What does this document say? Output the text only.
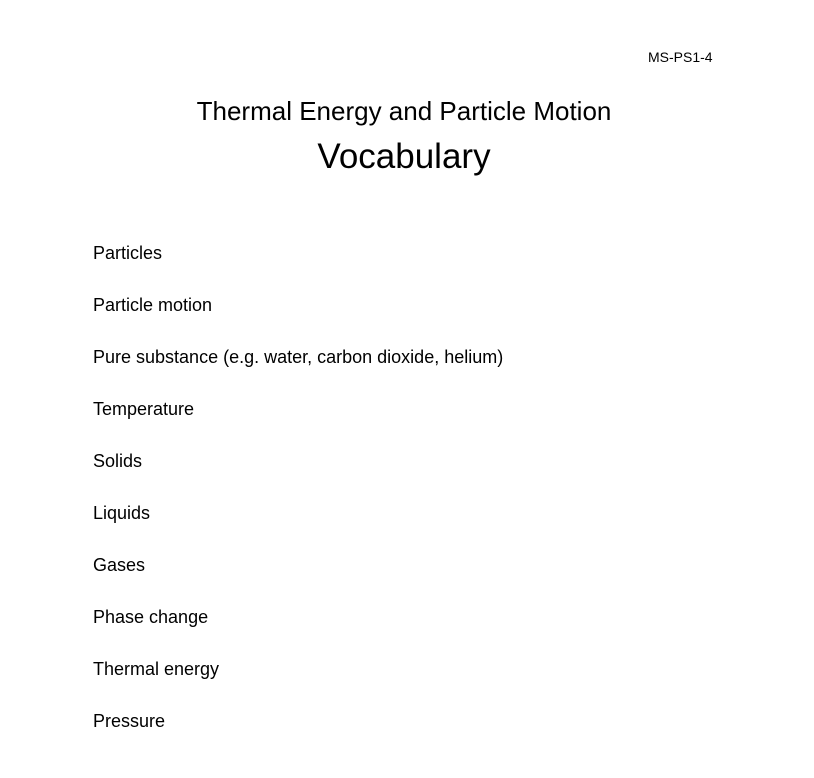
MS-PS1-4
Thermal Energy and Particle Motion
Vocabulary
Particles
Particle motion
Pure substance (e.g. water, carbon dioxide, helium)
Temperature
Solids
Liquids
Gases
Phase change
Thermal energy
Pressure
